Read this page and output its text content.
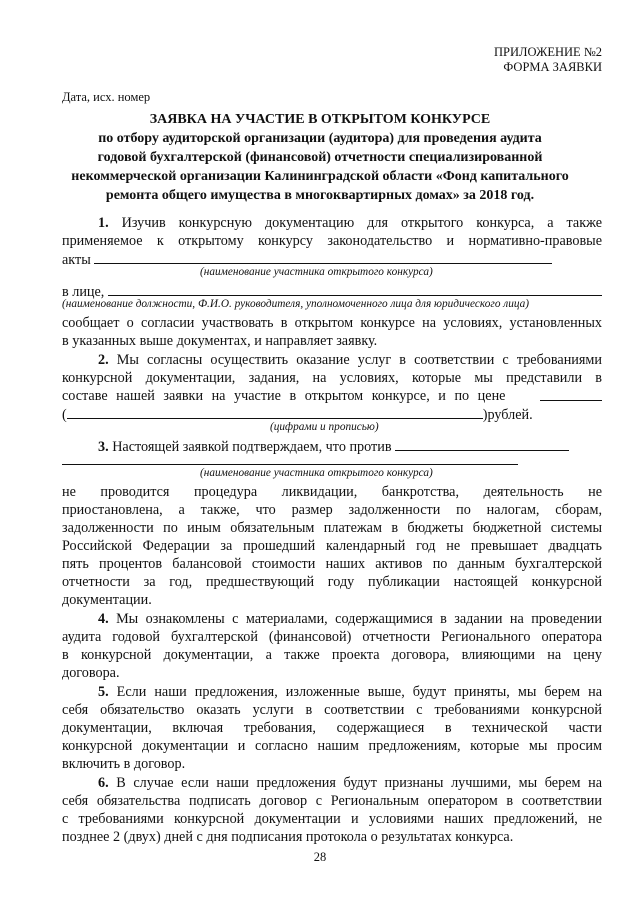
ПРИЛОЖЕНИЕ №2
ФОРМА ЗАЯВКИ
Дата, исх. номер
ЗАЯВКА НА УЧАСТИЕ В ОТКРЫТОМ КОНКУРСЕ
по отбору аудиторской организации (аудитора) для проведения аудита
годовой бухгалтерской (финансовой) отчетности специализированной
некоммерческой организации Калининградской области «Фонд капитального
ремонта общего имущества в многоквартирных домах» за 2018 год.
1. Изучив конкурсную документацию для открытого конкурса, а также
применяемое к открытому конкурсу законодательство и нормативно-правовые
акты
(наименование участника открытого конкурса)
в лице,
(наименование должности, Ф.И.О. руководителя, уполномоченного лица для юридического лица)
сообщает о согласии участвовать в открытом конкурсе на условиях, установленных
в указанных выше документах, и направляет заявку.
2. Мы согласны осуществить оказание услуг в соответствии с требованиями
конкурсной документации, задания, на условиях, которые мы представили в
составе нашей заявки на участие в открытом конкурсе, и по цене
(	)рублей.
(цифрами и прописью)
3. Настоящей заявкой подтверждаем, что против
(наименование участника открытого конкурса)
не проводится процедура ликвидации, банкротства, деятельность не
приостановлена, а также, что размер задолженности по налогам, сборам,
задолженности по иным обязательным платежам в бюджеты бюджетной системы
Российской Федерации за прошедший календарный год не превышает двадцать
пять процентов балансовой стоимости наших активов по данным бухгалтерской
отчетности за год, предшествующий году публикации настоящей конкурсной
документации.
4. Мы ознакомлены с материалами, содержащимися в задании на проведении
аудита годовой бухгалтерской (финансовой) отчетности Регионального оператора
в конкурсной документации, а также проекта договора, влияющими на цену
договора.
5. Если наши предложения, изложенные выше, будут приняты, мы берем на
себя обязательство оказать услуги в соответствии с требованиями конкурсной
документации, включая требования, содержащиеся в технической части
конкурсной документации и согласно нашим предложениям, которые мы просим
включить в договор.
6. В случае если наши предложения будут признаны лучшими, мы берем на
себя обязательства подписать договор с Региональным оператором в соответствии
с требованиями конкурсной документации и условиями наших предложений, не
позднее 2 (двух) дней с дня подписания протокола о результатах конкурса.
28
